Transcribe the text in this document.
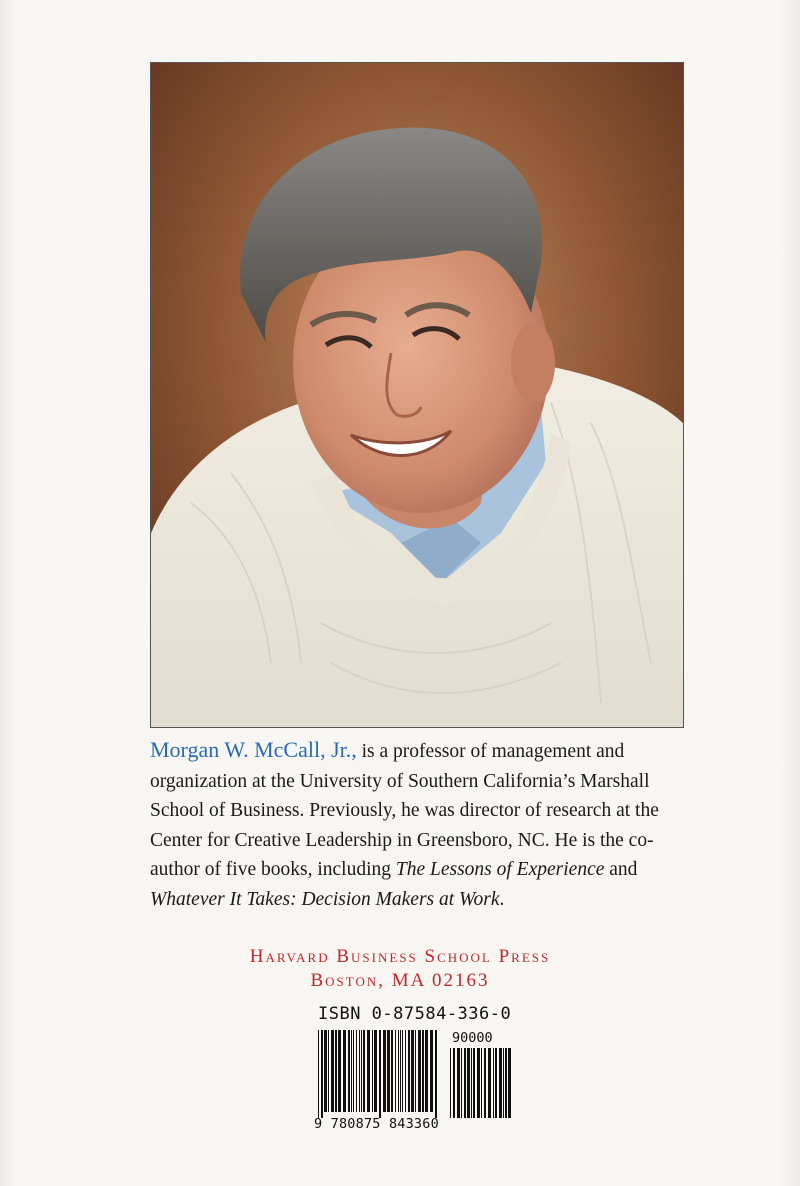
Morgan W. McCall, Jr., is a professor of management and organization at the University of Southern California’s Marshall School of Business. Previously, he was director of research at the Center for Creative Leadership in Greensboro, NC. He is the co-author of five books, including The Lessons of Experience and Whatever It Takes: Decision Makers at Work.
Harvard Business School Press
Boston, MA 02163
ISBN 0-87584-336-0
90000
9 780875 843360
